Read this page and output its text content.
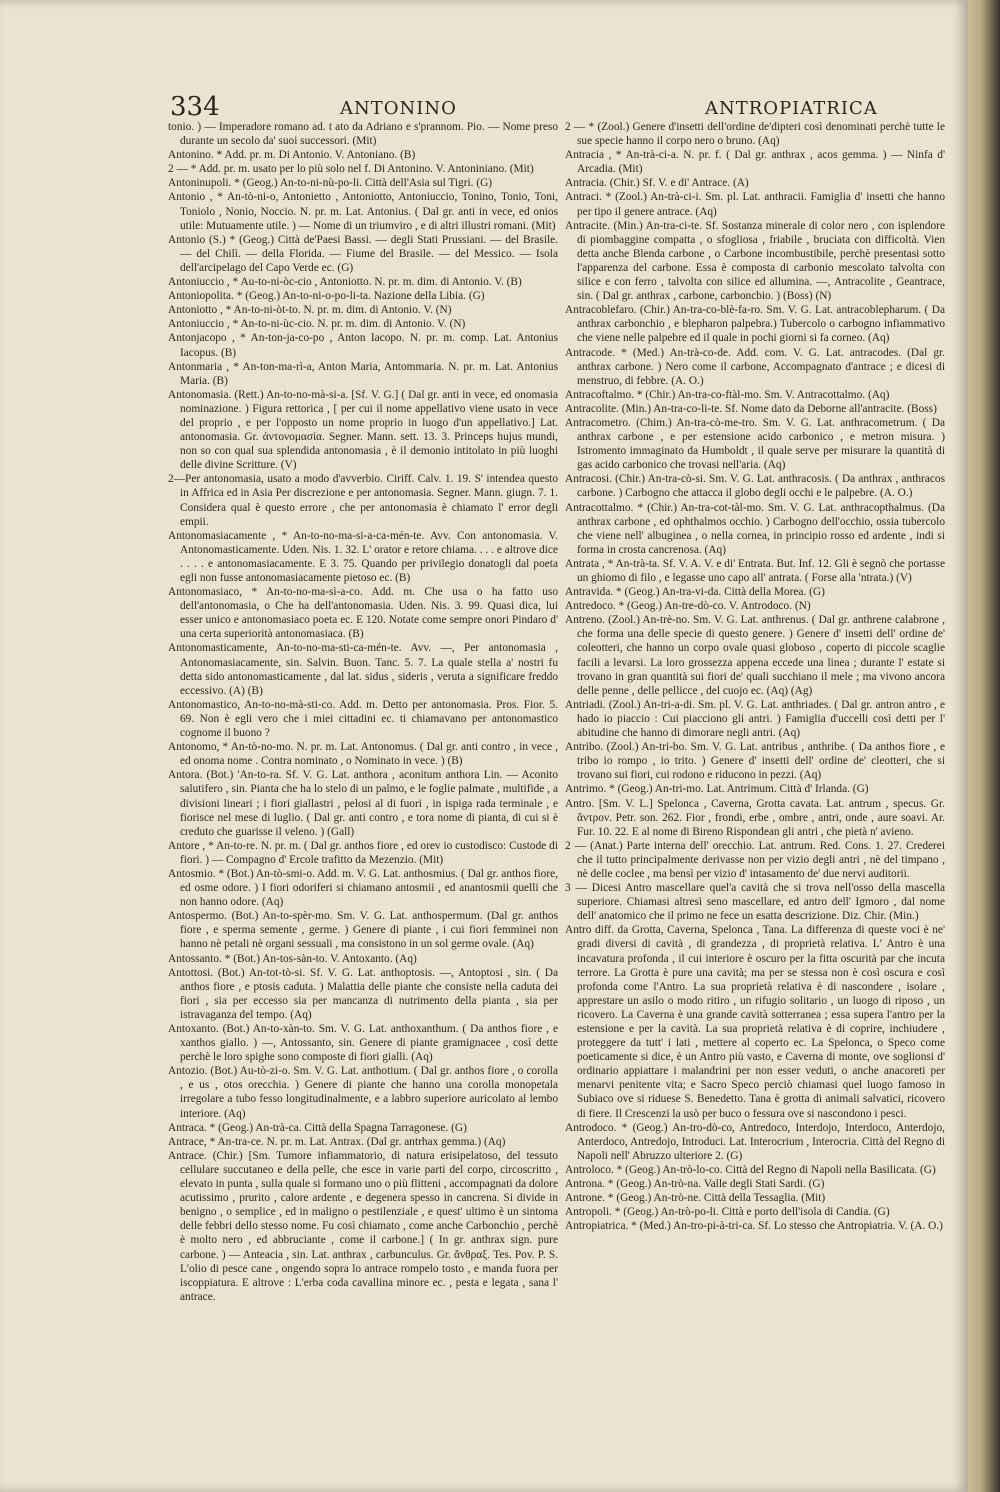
334	ANTONINO	ANTROPIATRICA

tonio. ) — Imperadore romano ad. t ato da Adriano e s'prannom. Pio. — Nome preso durante un secolo da' suoi successori. (Mit)

Antonino. * Add. pr. m. Di Antonio. V. Antoniano. (B)

2 — * Add. pr. m. usato per lo più solo nel f. Di Antonino. V. Antoniniano. (Mit)

Antoninupoli. * (Geog.) An-to-ni-nù-po-li. Città dell'Asia sul Tigri. (G)

Antonio , * An-tò-ni-o, Antonietto , Antoniotto, Antoniuccio, Tonino, Tonio, Toni, Toniolo , Nonio, Noccio. N. pr. m. Lat. Antonius. ( Dal gr. anti in vece, ed onios utile: Mutuamente utile. ) — Nome di un triumviro , e di altri illustri romani. (Mit)

Antonio (S.) * (Geog.) Città de'Paesi Bassi. — degli Stati Prussiani. — del Brasile. — del Chilì. — della Florida. — Fiume del Brasile. — del Messico. — Isola dell'arcipelago del Capo Verde ec. (G)

Antoniuccio , * Au-to-ni-òc-cio , Antoniotto. N. pr. m. dim. di Antonio. V. (B)

Antoniopolita. * (Geog.) An-to-ni-o-po-li-ta. Nazione della Libia. (G)

Antoniotto , * An-to-ni-òt-to. N. pr. m. dim. di Antonio. V. (N)

Antoniuccio , * An-to-ni-ùc-cio. N. pr. m. dim. di Antonio. V. (N)

Antonjacopo , * An-ton-ja-co-po , Anton Iacopo. N. pr. m. comp. Lat. Antonius Iacopus. (B)

Antonmaria , * An-ton-ma-rì-a, Anton Maria, Antommaria. N. pr. m. Lat. Antonius Maria. (B)

Antonomasia. (Rett.) An-to-no-mà-si-a. [Sf. V. G.] ( Dal gr. anti in vece, ed onomasia nominazione. ) Figura rettorica , [ per cui il nome appellativo viene usato in vece del proprio , e per l'opposto un nome proprio in luogo d'un appellativo.] Lat. antonomasia. Gr. ἀντονομασία. Segner. Mann. sett. 13. 3. Princeps hujus mundi, non so con qual sua splendida antonomasia , è il demonio intitolato in più luoghi delle divine Scritture. (V)

2—Per antonomasia, usato a modo d'avverbio. Ciriff. Calv. 1. 19. S' intendea questo in Affrica ed in Asia Per discrezione e per antonomasia. Segner. Mann. giugn. 7. 1. Considera qual è questo errore , che per antonomasia è chiamato l' error degli empii.

Antonomasiacamente , * An-to-no-ma-si-a-ca-mén-te. Avv. Con antonomasia. V. Antonomasticamente. Uden. Nis. 1. 32. L' orator e retore chiama. . . . e altrove dice . . . . e antonomasiacamente. E 3. 75. Quando per privilegio donatogli dal poeta egli non fusse antonomasiacamente pietoso ec. (B)

Antonomasiaco, * An-to-no-ma-sì-a-co. Add. m. Che usa o ha fatto uso dell'antonomasia, o Che ha dell'antonomasia. Uden. Nis. 3. 99. Quasi dica, lui esser unico e antonomasiaco poeta ec. E 120. Notate come sempre onori Pindaro d' una certa superiorità antonomasiaca. (B)

Antonomasticamente, An-to-no-ma-sti-ca-mén-te. Avv. —, Per antonomasia , Antonomasiacamente, sin. Salvin. Buon. Tanc. 5. 7. La quale stella a' nostri fu detta sido antonomasticamente , dal lat. sidus , sideris , veruta a significare freddo eccessivo. (A) (B)

Antonomastico, An-to-no-mà-sti-co. Add. m. Detto per antonomasia. Pros. Fior. 5. 69. Non è egli vero che i miei cittadini ec. ti chiamavano per antonomastico cognome il buono ?

Antonomo, * An-tò-no-mo. N. pr. m. Lat. Antonomus. ( Dal gr. anti contro , in vece , ed onoma nome . Contra nominato , o Nominato in vece. ) (B)

Antora. (Bot.) 'An-to-ra. Sf. V. G. Lat. anthora , aconitum anthora Lin. — Aconito salutifero , sin. Pianta che ha lo stelo di un palmo, e le foglie palmate , multifide , a divisioni lineari ; i fiori giallastri , pelosi al di fuori , in ispiga rada terminale , e fiorisce nel mese di luglio. ( Dal gr. anti contro , e tora nome di pianta, di cui si è creduto che guarisse il veleno. ) (Gall)

Antore , * An-to-re. N. pr. m. ( Dal gr. anthos fiore , ed orev io custodisco: Custode di fiori. ) — Compagno d' Ercole trafitto da Mezenzio. (Mit)

Antosmio. * (Bot.) An-tò-smi-o. Add. m. V. G. Lat. anthosmius. ( Dal gr. anthos fiore, ed osme odore. ) I fiori odoriferi si chiamano antosmii , ed anantosmii quelli che non hanno odore. (Aq)

Antospermo. (Bot.) An-to-spèr-mo. Sm. V. G. Lat. anthospermum. (Dal gr. anthos fiore , e sperma semente , germe. ) Genere di piante , i cui fiori femminei non hanno nè petali nè organi sessuali , ma consistono in un sol germe ovale. (Aq)

Antossanto. * (Bot.) An-tos-sàn-to. V. Antoxanto. (Aq)

Antottosi. (Bot.) An-tot-tò-si. Sf. V. G. Lat. anthoptosis. —, Antoptosi , sin. ( Da anthos fiore , e ptosis caduta. ) Malattia delle piante che consiste nella caduta dei fiori , sia per eccesso sia per mancanza di nutrimento della pianta , sia per istravaganza del tempo. (Aq)

Antoxanto. (Bot.) An-to-xàn-to. Sm. V. G. Lat. anthoxanthum. ( Da anthos fiore , e xanthos giallo. ) —, Antossanto, sin. Genere di piante gramignacee , così dette perchè le loro spighe sono composte di fiori gialli. (Aq)

Antozio. (Bot.) Au-tò-zi-o. Sm. V. G. Lat. anthotium. ( Dal gr. anthos fiore , o corolla , e us , otos orecchia. ) Genere di piante che hanno una corolla monopetala irregolare a tubo fesso longitudinalmente, e a labbro superiore auricolato al lembo interiore. (Aq)

Antraca. * (Geog.) An-trà-ca. Città della Spagna Tarragonese. (G)

Antrace, * An-tra-ce. N. pr. m. Lat. Antrax. (Dal gr. antrhax gemma.) (Aq)

Antrace. (Chir.) [Sm. Tumore infiammatorio, di natura erisipelatoso, del tessuto cellulare succutaneo e della pelle, che esce in varie parti del corpo, circoscritto , elevato in punta , sulla quale si formano uno o più flitteni , accompagnati da dolore acutissimo , prurito , calore ardente , e degenera spesso in cancrena. Si divide in benigno , o semplice , ed in maligno o pestilenziale , e quest' ultimo è un sintoma delle febbri dello stesso nome. Fu così chiamato , come anche Carbonchio , perchè è molto nero , ed abbruciante , come il carbone.] ( In gr. anthrax sign. pure carbone. ) — Anteacia , sin. Lat. anthrax , carbunculus. Gr. ἄνθραξ. Tes. Pov. P. S. L'olio di pesce cane , ongendo sopra lo antrace rompelo tosto , e manda fuora per iscoppiatura. E altrove : L'erba coda cavallina minore ec. , pesta e legata , sana l' antrace.

2 — * (Zool.) Genere d'insetti dell'ordine de'dipteri così denominati perchè tutte le sue specie hanno il corpo nero o bruno. (Aq)

Antracia , * An-trà-ci-a. N. pr. f. ( Dal gr. anthrax , acos gemma. ) — Ninfa d' Arcadia. (Mit)

Antracia. (Chir.) Sf. V. e di' Antrace. (A)

Antraci. * (Zool.) An-trà-ci-i. Sm. pl. Lat. anthracii. Famiglia d' insetti che hanno per tipo il genere antrace. (Aq)

Antracite. (Min.) An-tra-ci-te. Sf. Sostanza minerale di color nero , con isplendore di piombaggine compatta , o sfogliosa , friabile , bruciata con difficoltà. Vien detta anche Blenda carbone , o Carbone incombustibile, perchè presentasi sotto l'apparenza del carbone. Essa è composta di carbonio mescolato talvolta con silice e con ferro , talvolta con silice ed allumina. —, Antracolite , Geantrace, sin. ( Dal gr. anthrax , carbone, carboncbio. ) (Boss) (N)

Antracoblefaro. (Chir.) An-tra-co-blè-fa-ro. Sm. V. G. Lat. antracoblepharum. ( Da anthrax carbonchio , e blepharon palpebra.) Tubercolo o carbogno infiammativo che viene nelle palpebre ed il quale in pochi giorni si fa corneo. (Aq)

Antracode. * (Med.) An-trà-co-de. Add. com. V. G. Lat. antracodes. (Dal gr. anthrax carbone. ) Nero come il carbone, Accompagnato d'antrace ; e dicesi di menstruo, di febbre. (A. O.)

Antracoftalmo. * (Chir.) An-tra-co-ftàl-mo. Sm. V. Antracottalmo. (Aq)

Antracolite. (Min.) An-tra-co-li-te. Sf. Nome dato da Deborne all'antracite. (Boss)

Antracometro. (Chim.) An-tra-cò-me-tro. Sm. V. G. Lat. anthracometrum. ( Da anthrax carbone , e per estensione acido carbonico , e metron misura. ) Istromento immaginato da Humboldt , il quale serve per misurare la quantità di gas acido carbonico che trovasi nell'aria. (Aq)

Antracosi. (Chir.) An-tra-cò-si. Sm. V. G. Lat. anthracosis. ( Da anthrax , anthracos carbone. ) Carbogno che attacca il globo degli occhi e le palpebre. (A. O.)

Antracottalmo. * (Chir.) An-tra-cot-tàl-mo. Sm. V. G. Lat. anthracopthalmus. (Da anthrax carbone , ed ophthalmos occhio. ) Carbogno dell'occhio, ossia tubercolo che viene nell' albuginea , o nella cornea, in principio rosso ed ardente , indi si forma in crosta cancrenosa. (Aq)

Antrata , * An-trà-ta. Sf. V. A. V. e di' Entrata. But. Inf. 12. Gli è segnò che portasse un ghiomo di filo , e legasse uno capo all' antrata. ( Forse alla 'ntrata.) (V)

Antravida. * (Geog.) An-tra-vi-da. Città della Morea. (G)

Antredoco. * (Geog.) An-tre-dò-co. V. Antrodoco. (N)

Antreno. (Zool.) An-trè-no. Sm. V. G. Lat. anthrenus. ( Dal gr. anthrene calabrone , che forma una delle specie di questo genere. ) Genere d' insetti dell' ordine de' coleotteri, che hanno un corpo ovale quasi globoso , coperto di piccole scaglie facili a levarsi. La loro grossezza appena eccede una linea ; durante l' estate si trovano in gran quantità sui fiori de' quali succhiano il mele ; ma vivono ancora delle penne , delle pellicce , del cuojo ec. (Aq) (Ag)

Antriadi. (Zool.) An-tri-a-di. Sm. pl. V. G. Lat. anthriades. ( Dal gr. antron antro , e hado io piaccio : Cui piacciono gli antri. ) Famiglia d'uccelli così detti per l' abitudine che hanno di dimorare negli antri. (Aq)

Antribo. (Zool.) An-tri-bo. Sm. V. G. Lat. antribus , anthribe. ( Da anthos fiore , e tribo io rompo , io trito. ) Genere d' insetti dell' ordine de' cleotteri, che si trovano sui fiori, cui rodono e riducono in pezzi. (Aq)

Antrimo. * (Geog.) An-tri-mo. Lat. Antrimum. Città d' Irlanda. (G)

Antro. [Sm. V. L.] Spelonca , Caverna, Grotta cavata. Lat. antrum , specus. Gr. ἄντρον. Petr. son. 262. Fior , frondi, erbe , ombre , antri, onde , aure soavi. Ar. Fur. 10. 22. E al nome di Bireno Rispondean gli antri , che pietà n' avieno.

2 — (Anat.) Parte interna dell' orecchio. Lat. antrum. Red. Cons. 1. 27. Crederei che il tutto principalmente derivasse non per vizio degli antri , nè del timpano , nè delle coclee , ma bensì per vizio d' intasamento de' due nervi auditorii.

3 — Dicesi Antro mascellare quel'a cavità che si trova nell'osso della mascella superiore. Chiamasi altresì seno mascellare, ed antro dell' Igmoro , dal nome dell' anatomico che il primo ne fece un esatta descrizione. Diz. Chir. (Min.)

Antro diff. da Grotta, Caverna, Spelonca , Tana. La differenza di queste voci è ne' gradi diversi di cavità , di grandezza , di proprietà relativa. L' Antro è una incavatura profonda , il cui interiore è oscuro per la fitta oscurità par che incuta terrore. La Grotta è pure una cavità; ma per se stessa non è così oscura e così profonda come l'Antro. La sua proprietà relativa è di nascondere , isolare , apprestare un asilo o modo ritiro , un rifugio solitario , un luogo di riposo , un ricovero. La Caverna è una grande cavità sotterranea ; essa supera l'antro per la estensione e per la cavità. La sua proprietà relativa è di coprire, inchiudere , proteggere da tutt' i lati , mettere al coperto ec. La Spelonca, o Speco come poeticamente si dice, è un Antro più vasto, e Caverna di monte, ove soglionsi d' ordinario appiattare i malandrini per non esser veduti, o anche anacoreti per menarvi penitente vita; e Sacro Speco perciò chiamasi quel luogo famoso in Subiaco ove si riduese S. Benedetto. Tana è grotta di animali salvatici, ricovero di fiere. Il Crescenzi la usò per buco o fessura ove si nascondono i pesci.

Antrodoco. * (Geog.) An-tro-dò-co, Antredoco, Interdojo, Interdoco, Anterdojo, Anterdoco, Antredojo, Introduci. Lat. Interocrium , Interocria. Città del Regno di Napoli nell' Abruzzo ulteriore 2. (G)

Antroloco. * (Geog.) An-trò-lo-co. Città del Regno di Napoli nella Basilicata. (G)

Antrona. * (Geog.) An-trò-na. Valle degli Stati Sardi. (G)

Antrone. * (Geog.) An-trò-ne. Città della Tessaglia. (Mit)

Antropoli. * (Geog.) An-trò-po-li. Città e porto dell'isola di Candia. (G)

Antropiatrica. * (Med.) An-tro-pi-à-tri-ca. Sf. Lo stesso che Antropiatria. V. (A. O.)
